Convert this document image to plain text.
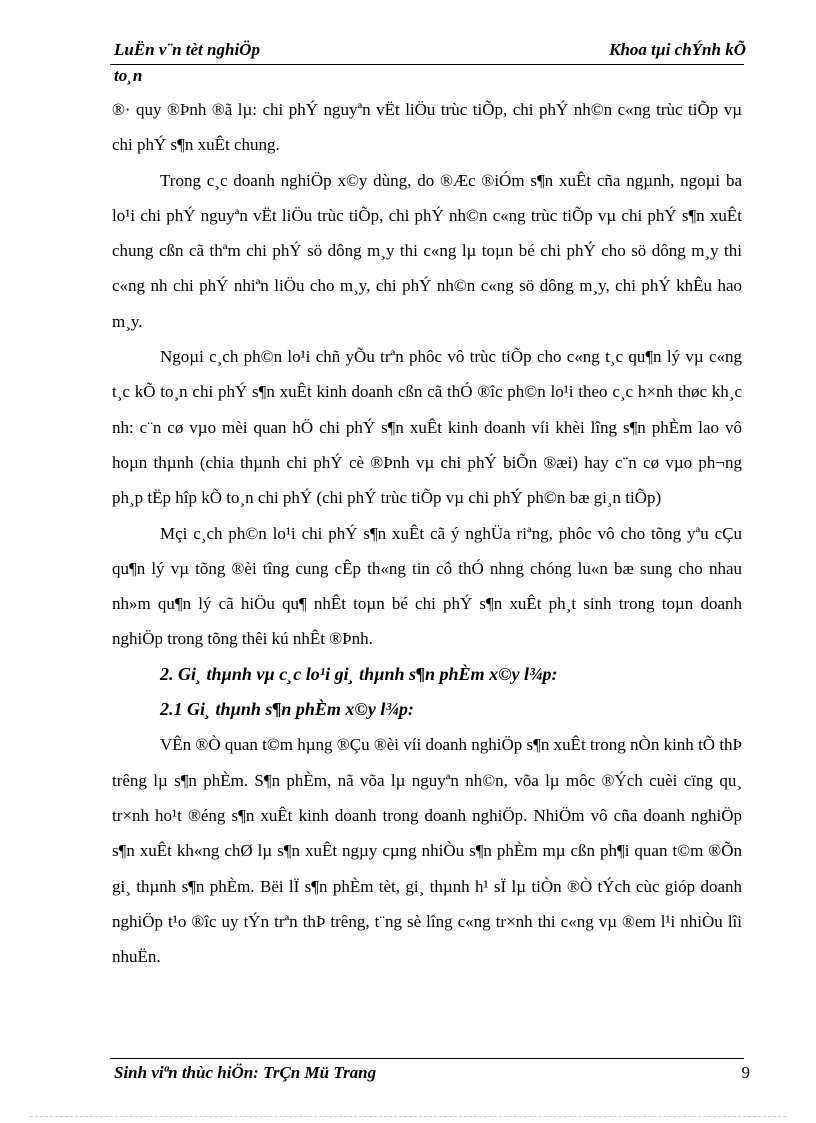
LuËn v¨n tèt nghiÖp	Khoa tµi chÝnh kÕ
to¸n

®· quy ®Þnh ®ã lµ: chi phÝ nguyªn vËt liÖu trùc tiÕp, chi phÝ nh©n c«ng trùc tiÕp vµ chi phÝ s¶n xuÊt chung.

Trong c¸c doanh nghiÖp x©y dùng, do ®Æc ®iÓm s¶n xuÊt cña ngµnh, ngoµi ba lo¹i chi phÝ nguyªn vËt liÖu trùc tiÕp, chi phÝ nh©n c«ng trùc tiÕp vµ chi phÝ s¶n xuÊt chung cßn cã thªm chi phÝ sö dông m¸y thi c«ng lµ toµn bé chi phÝ cho sö dông m¸y thi c«ng nh chi phÝ nhiªn liÖu cho m¸y, chi phÝ nh©n c«ng sö dông m¸y, chi phÝ khÊu hao m¸y.

Ngoµi c¸ch ph©n lo¹i chñ yÕu trªn phôc vô trùc tiÕp cho c«ng t¸c qu¶n lý vµ c«ng t¸c kÕ to¸n chi phÝ s¶n xuÊt kinh doanh cßn cã thÓ ®îc ph©n lo¹i theo c¸c h×nh thøc kh¸c nh: c¨n cø vµo mèi quan hÖ chi phÝ s¶n xuÊt kinh doanh víi khèi lîng s¶n phÈm lao vô hoµn thµnh (chia thµnh chi phÝ cè ®Þnh vµ chi phÝ biÕn ®æi) hay c¨n cø vµo ph¬ng ph¸p tËp hîp kÕ to¸n chi phÝ (chi phÝ trùc tiÕp vµ chi phÝ ph©n bæ gi¸n tiÕp)

Mçi c¸ch ph©n lo¹i chi phÝ s¶n xuÊt cã ý nghÜa riªng, phôc vô cho tõng yªu cÇu qu¶n lý vµ tõng ®èi tîng cung cÊp th«ng tin cô thÓ nhng chóng lu«n bæ sung cho nhau nh»m qu¶n lý cã hiÖu qu¶ nhÊt toµn bé chi phÝ s¶n xuÊt ph¸t sinh trong toµn doanh nghiÖp trong tõng thêi kú nhÊt ®Þnh.

2. Gi¸ thµnh vµ c¸c lo¹i gi¸ thµnh s¶n phÈm x©y l¾p:

2.1 Gi¸ thµnh s¶n phÈm x©y l¾p:

VÊn ®Ò quan t©m hµng ®Çu ®èi víi doanh nghiÖp s¶n xuÊt trong nÒn kinh tÕ thÞ trêng lµ s¶n phÈm. S¶n phÈm, nã võa lµ nguyªn nh©n, võa lµ môc ®Ých cuèi cïng qu¸ tr×nh ho¹t ®éng s¶n xuÊt kinh doanh trong doanh nghiÖp. NhiÖm vô cña doanh nghiÖp s¶n xuÊt kh«ng chØ lµ s¶n xuÊt ngµy cµng nhiÒu s¶n phÈm mµ cßn ph¶i quan t©m ®Õn gi¸ thµnh s¶n phÈm. Bëi lÏ s¶n phÈm tèt, gi¸ thµnh h¹ sÏ lµ tiÒn ®Ò tÝch cùc gióp doanh nghiÖp t¹o ®îc uy tÝn trªn thÞ trêng, t¨ng sè lîng c«ng tr×nh thi c«ng vµ ®em l¹i nhiÒu lîi nhuËn.

Sinh viªn thùc hiÖn: TrÇn Mü Trang	9
